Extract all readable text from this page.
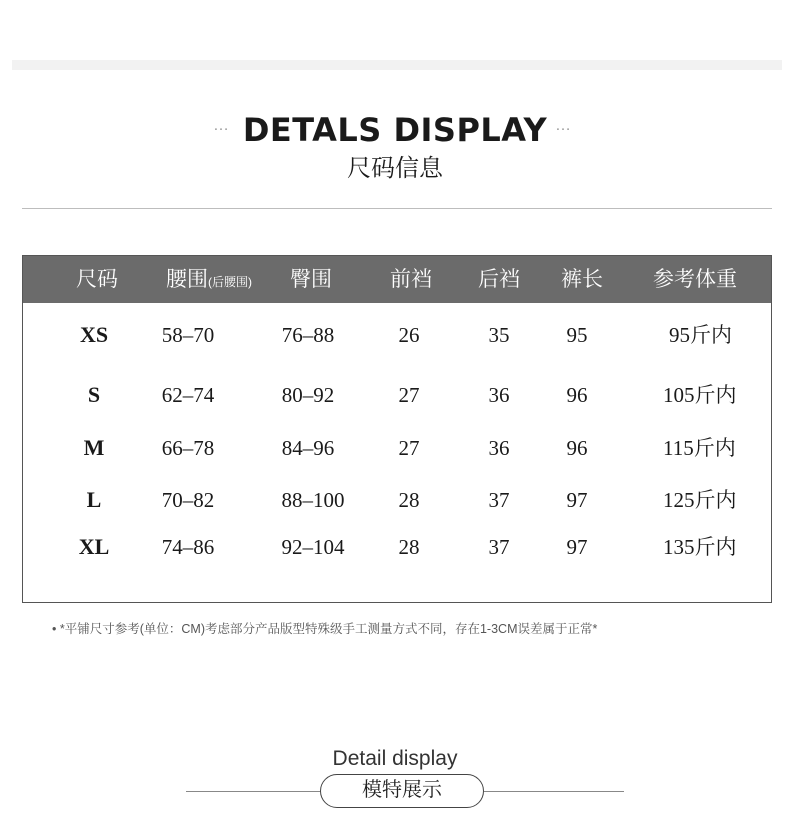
… DETALS DISPLAY …
尺码信息
尺码	腰围(后腰围)	臀围	前裆	后裆	裤长	参考体重
XS	58–70	76–88	26	35	95	95斤内
S	62–74	80–92	27	36	96	105斤内
M	66–78	84–96	27	36	96	115斤内
L	70–82	88–100	28	37	97	125斤内
XL	74–86	92–104	28	37	97	135斤内
• *平铺尺寸参考(单位：CM)考虑部分产品版型特殊级手工测量方式不同，存在1-3CM误差属于正常*
Detail display
模特展示
